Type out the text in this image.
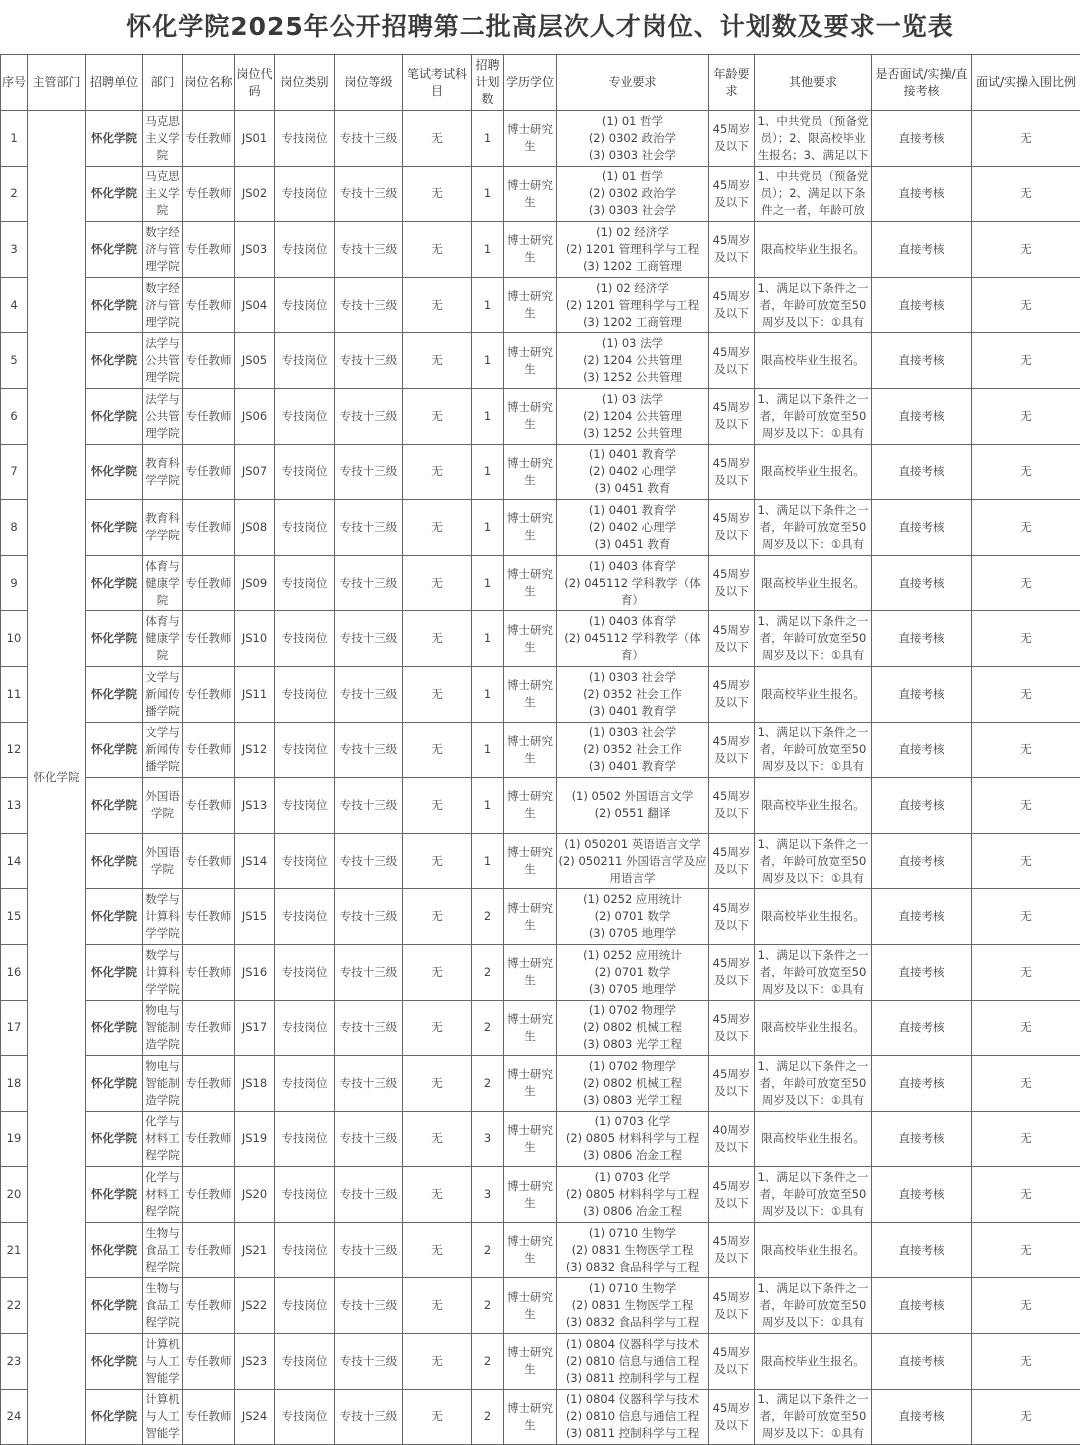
怀化学院2025年公开招聘第二批高层次人才岗位、计划数及要求一览表
序号	主管部门	招聘单位	部门	岗位名称	岗位代码	岗位类别	岗位等级	笔试考试科目	招聘计划数	学历学位	专业要求	年龄要求	其他要求	是否面试/实操/直接考核	面试/实操入围比例
1	怀化学院	怀化学院	马克思主义学院	专任教师	JS01	专技岗位	专技十三级	无	1	博士研究生	(1) 01 哲学
(2) 0302 政治学
(3) 0303 社会学	45周岁及以下	1、中共党员（预备党员）；2、限高校毕业生报名；3、满足以下	直接考核	无
2		怀化学院	马克思主义学院	专任教师	JS02	专技岗位	专技十三级	无	1	博士研究生	(1) 01 哲学
(2) 0302 政治学
(3) 0303 社会学	45周岁及以下	1、中共党员（预备党员）；2、满足以下条件之一者，年龄可放	直接考核	无
3		怀化学院	数字经济与管理学院	专任教师	JS03	专技岗位	专技十三级	无	1	博士研究生	(1) 02 经济学
(2) 1201 管理科学与工程
(3) 1202 工商管理	45周岁及以下	限高校毕业生报名。	直接考核	无
4		怀化学院	数字经济与管理学院	专任教师	JS04	专技岗位	专技十三级	无	1	博士研究生	(1) 02 经济学
(2) 1201 管理科学与工程
(3) 1202 工商管理	45周岁及以下	1、满足以下条件之一者，年龄可放宽至50周岁及以下：①具有	直接考核	无
5		怀化学院	法学与公共管理学院	专任教师	JS05	专技岗位	专技十三级	无	1	博士研究生	(1) 03 法学
(2) 1204 公共管理
(3) 1252 公共管理	45周岁及以下	限高校毕业生报名。	直接考核	无
6		怀化学院	法学与公共管理学院	专任教师	JS06	专技岗位	专技十三级	无	1	博士研究生	(1) 03 法学
(2) 1204 公共管理
(3) 1252 公共管理	45周岁及以下	1、满足以下条件之一者，年龄可放宽至50周岁及以下：①具有	直接考核	无
7		怀化学院	教育科学学院	专任教师	JS07	专技岗位	专技十三级	无	1	博士研究生	(1) 0401 教育学
(2) 0402 心理学
(3) 0451 教育	45周岁及以下	限高校毕业生报名。	直接考核	无
8		怀化学院	教育科学学院	专任教师	JS08	专技岗位	专技十三级	无	1	博士研究生	(1) 0401 教育学
(2) 0402 心理学
(3) 0451 教育	45周岁及以下	1、满足以下条件之一者，年龄可放宽至50周岁及以下：①具有	直接考核	无
9		怀化学院	体育与健康学院	专任教师	JS09	专技岗位	专技十三级	无	1	博士研究生	(1) 0403 体育学
(2) 045112 学科教学（体育）	45周岁及以下	限高校毕业生报名。	直接考核	无
10		怀化学院	体育与健康学院	专任教师	JS10	专技岗位	专技十三级	无	1	博士研究生	(1) 0403 体育学
(2) 045112 学科教学（体育）	45周岁及以下	1、满足以下条件之一者，年龄可放宽至50周岁及以下：①具有	直接考核	无
11		怀化学院	文学与新闻传播学院	专任教师	JS11	专技岗位	专技十三级	无	1	博士研究生	(1) 0303 社会学
(2) 0352 社会工作
(3) 0401 教育学	45周岁及以下	限高校毕业生报名。	直接考核	无
12		怀化学院	文学与新闻传播学院	专任教师	JS12	专技岗位	专技十三级	无	1	博士研究生	(1) 0303 社会学
(2) 0352 社会工作
(3) 0401 教育学	45周岁及以下	1、满足以下条件之一者，年龄可放宽至50周岁及以下：①具有	直接考核	无
13		怀化学院	外国语学院	专任教师	JS13	专技岗位	专技十三级	无	1	博士研究生	(1) 0502 外国语言文学
(2) 0551 翻译	45周岁及以下	限高校毕业生报名。	直接考核	无
14		怀化学院	外国语学院	专任教师	JS14	专技岗位	专技十三级	无	1	博士研究生	(1) 050201 英语语言文学
(2) 050211 外国语言学及应用语言学	45周岁及以下	1、满足以下条件之一者，年龄可放宽至50周岁及以下：①具有	直接考核	无
15		怀化学院	数学与计算科学学院	专任教师	JS15	专技岗位	专技十三级	无	2	博士研究生	(1) 0252 应用统计
(2) 0701 数学
(3) 0705 地理学	45周岁及以下	限高校毕业生报名。	直接考核	无
16		怀化学院	数学与计算科学学院	专任教师	JS16	专技岗位	专技十三级	无	2	博士研究生	(1) 0252 应用统计
(2) 0701 数学
(3) 0705 地理学	45周岁及以下	1、满足以下条件之一者，年龄可放宽至50周岁及以下：①具有	直接考核	无
17		怀化学院	物电与智能制造学院	专任教师	JS17	专技岗位	专技十三级	无	2	博士研究生	(1) 0702 物理学
(2) 0802 机械工程
(3) 0803 光学工程	45周岁及以下	限高校毕业生报名。	直接考核	无
18		怀化学院	物电与智能制造学院	专任教师	JS18	专技岗位	专技十三级	无	2	博士研究生	(1) 0702 物理学
(2) 0802 机械工程
(3) 0803 光学工程	45周岁及以下	1、满足以下条件之一者，年龄可放宽至50周岁及以下：①具有	直接考核	无
19		怀化学院	化学与材料工程学院	专任教师	JS19	专技岗位	专技十三级	无	3	博士研究生	(1) 0703 化学
(2) 0805 材料科学与工程
(3) 0806 冶金工程	40周岁及以下	限高校毕业生报名。	直接考核	无
20		怀化学院	化学与材料工程学院	专任教师	JS20	专技岗位	专技十三级	无	3	博士研究生	(1) 0703 化学
(2) 0805 材料科学与工程
(3) 0806 冶金工程	45周岁及以下	1、满足以下条件之一者，年龄可放宽至50周岁及以下：①具有	直接考核	无
21		怀化学院	生物与食品工程学院	专任教师	JS21	专技岗位	专技十三级	无	2	博士研究生	(1) 0710 生物学
(2) 0831 生物医学工程
(3) 0832 食品科学与工程	45周岁及以下	限高校毕业生报名。	直接考核	无
22		怀化学院	生物与食品工程学院	专任教师	JS22	专技岗位	专技十三级	无	2	博士研究生	(1) 0710 生物学
(2) 0831 生物医学工程
(3) 0832 食品科学与工程	45周岁及以下	1、满足以下条件之一者，年龄可放宽至50周岁及以下：①具有	直接考核	无
23		怀化学院	计算机与人工智能学	专任教师	JS23	专技岗位	专技十三级	无	2	博士研究生	(1) 0804 仪器科学与技术
(2) 0810 信息与通信工程
(3) 0811 控制科学与工程	45周岁及以下	限高校毕业生报名。	直接考核	无
24		怀化学院	计算机与人工智能学	专任教师	JS24	专技岗位	专技十三级	无	2	博士研究生	(1) 0804 仪器科学与技术
(2) 0810 信息与通信工程
(3) 0811 控制科学与工程	45周岁及以下	1、满足以下条件之一者，年龄可放宽至50周岁及以下：①具有	直接考核	无
